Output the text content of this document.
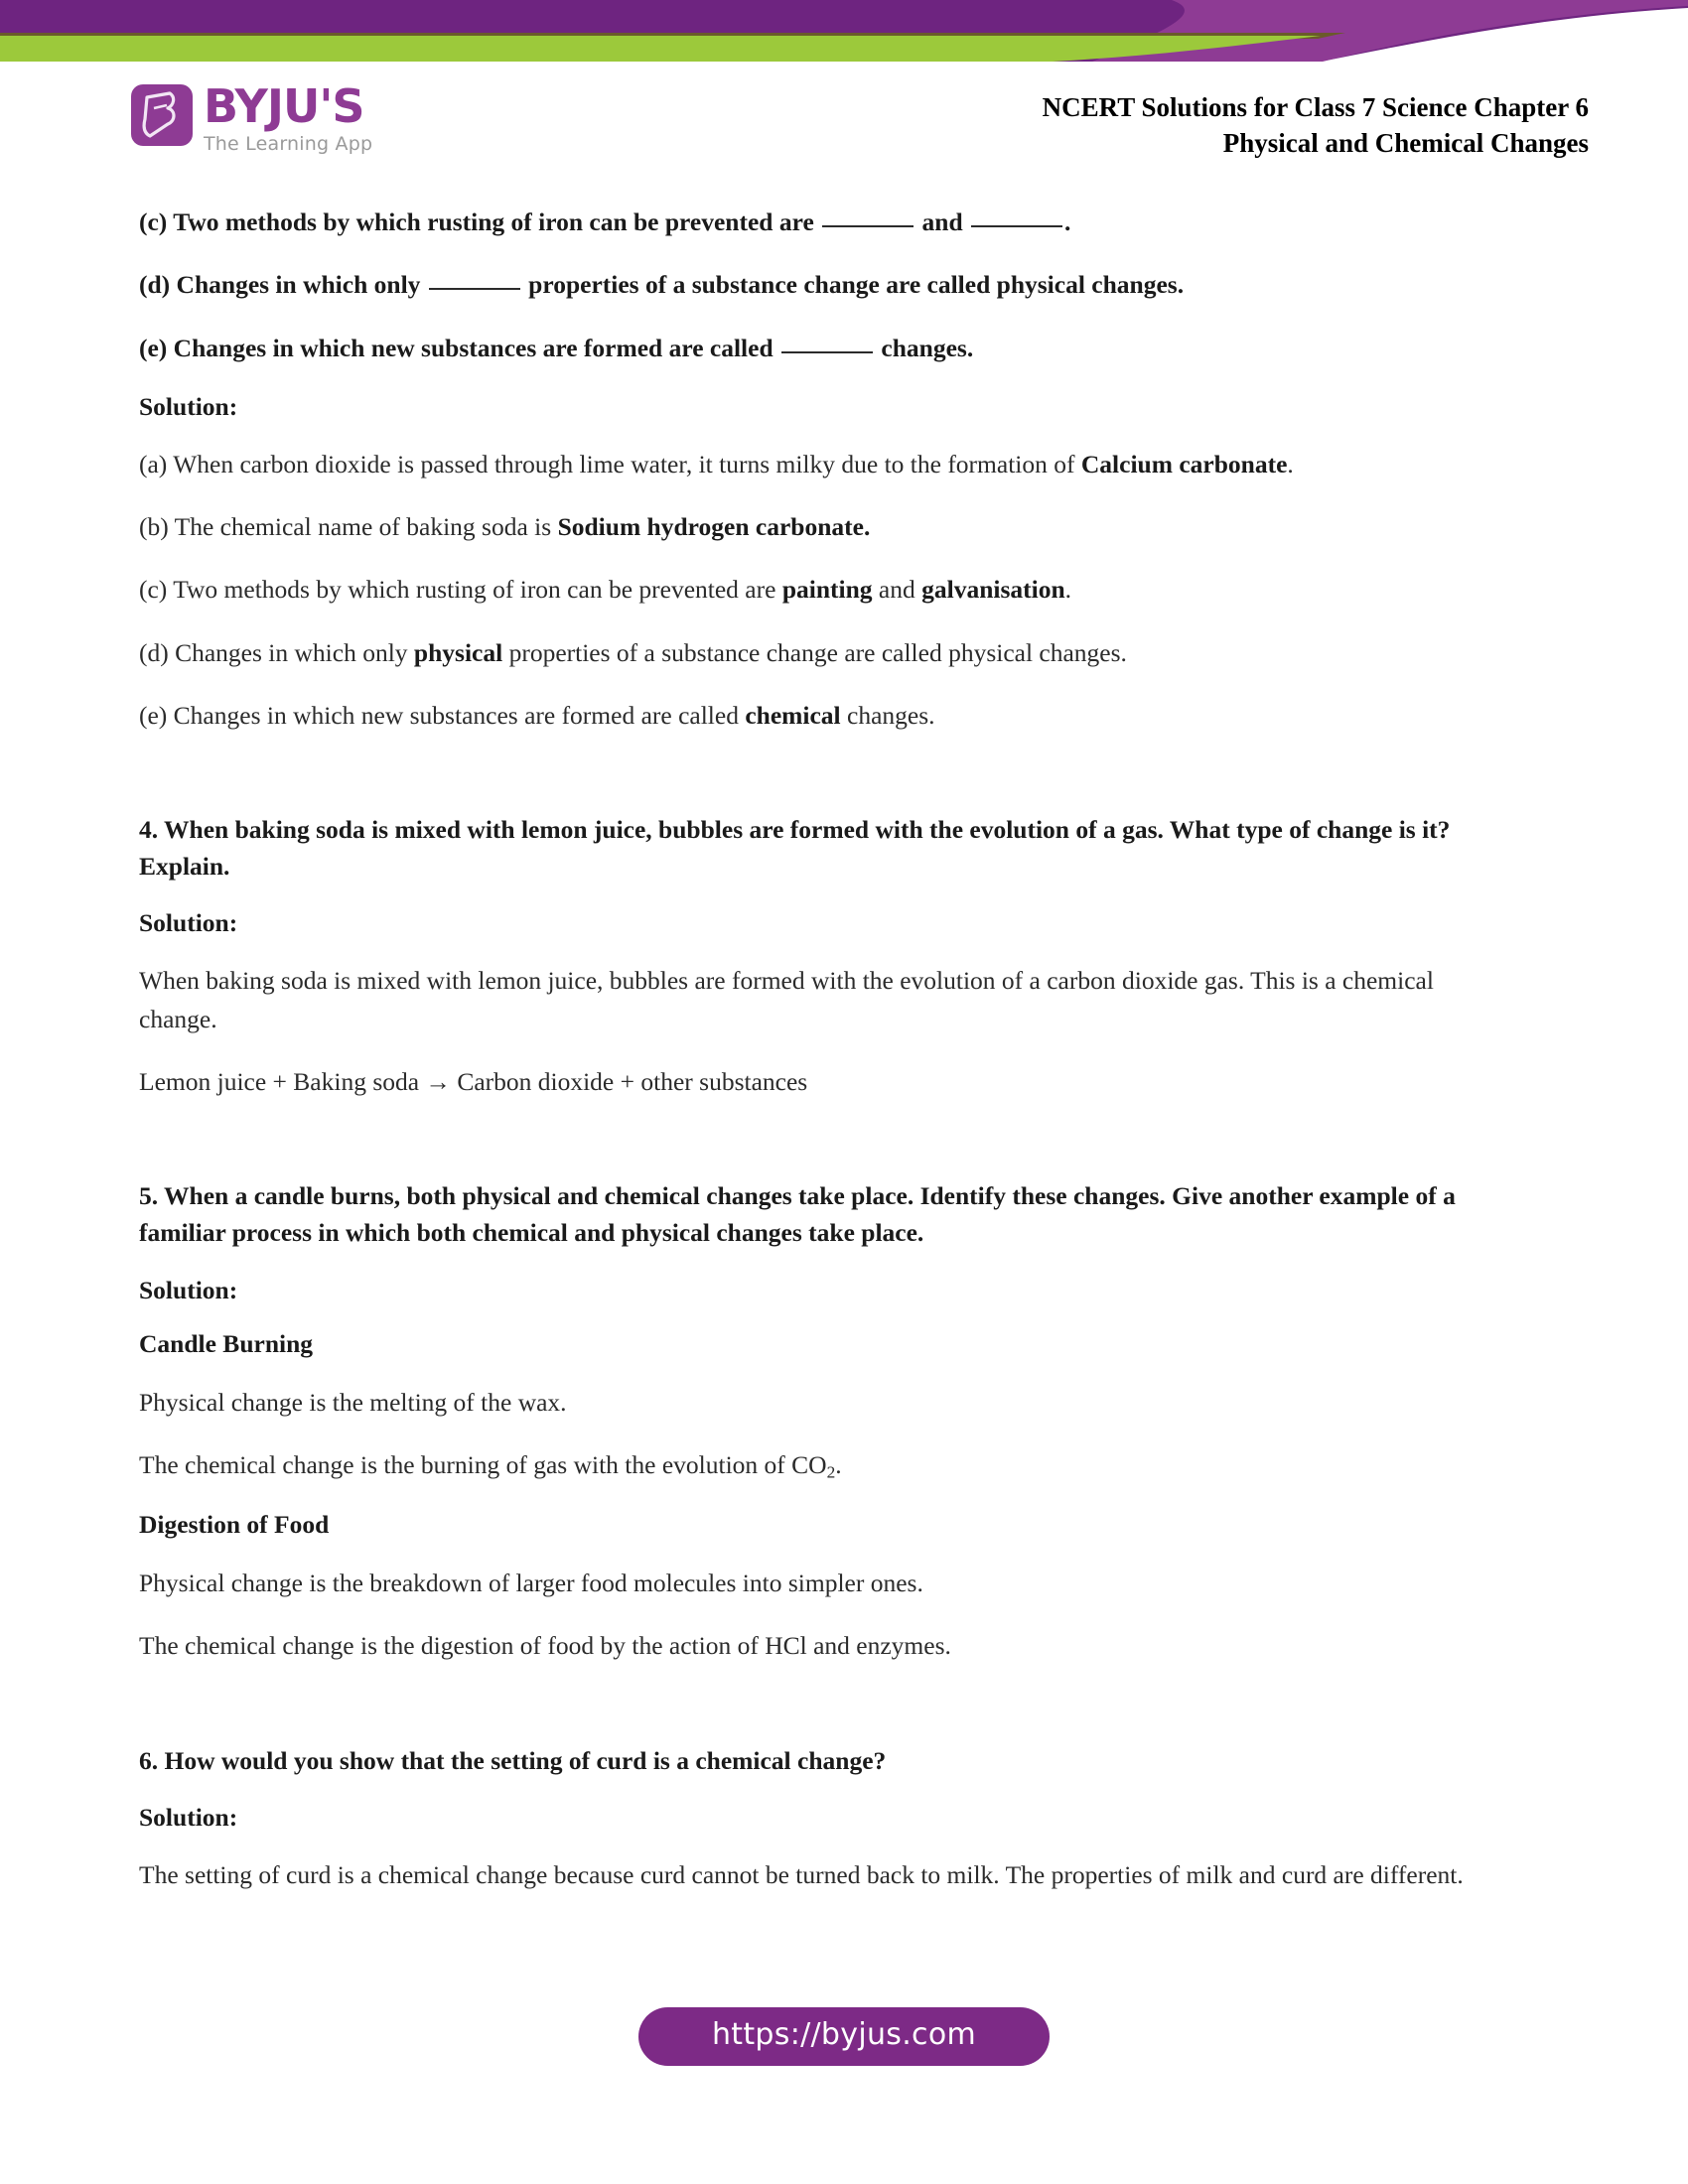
BYJU'S
The Learning App
NCERT Solutions for Class 7 Science Chapter 6
Physical and Chemical Changes

(c) Two methods by which rusting of iron can be prevented are	and	.

(d) Changes in which only	properties of a substance change are called physical changes.

(e) Changes in which new substances are formed are called	changes.

Solution:

(a) When carbon dioxide is passed through lime water, it turns milky due to the formation of Calcium carbonate.

(b) The chemical name of baking soda is Sodium hydrogen carbonate.

(c) Two methods by which rusting of iron can be prevented are painting and galvanisation.

(d) Changes in which only physical properties of a substance change are called physical changes.

(e) Changes in which new substances are formed are called chemical changes.

4. When baking soda is mixed with lemon juice, bubbles are formed with the evolution of a gas. What type of change is it? Explain.

Solution:

When baking soda is mixed with lemon juice, bubbles are formed with the evolution of a carbon dioxide gas. This is a chemical change.

Lemon juice + Baking soda → Carbon dioxide + other substances

5. When a candle burns, both physical and chemical changes take place. Identify these changes. Give another example of a familiar process in which both chemical and physical changes take place.

Solution:

Candle Burning

Physical change is the melting of the wax.

The chemical change is the burning of gas with the evolution of $CO_2$.

Digestion of Food

Physical change is the breakdown of larger food molecules into simpler ones.

The chemical change is the digestion of food by the action of HCl and enzymes.

6. How would you show that the setting of curd is a chemical change?

Solution:

The setting of curd is a chemical change because curd cannot be turned back to milk. The properties of milk and curd are different.

https://byjus.com
